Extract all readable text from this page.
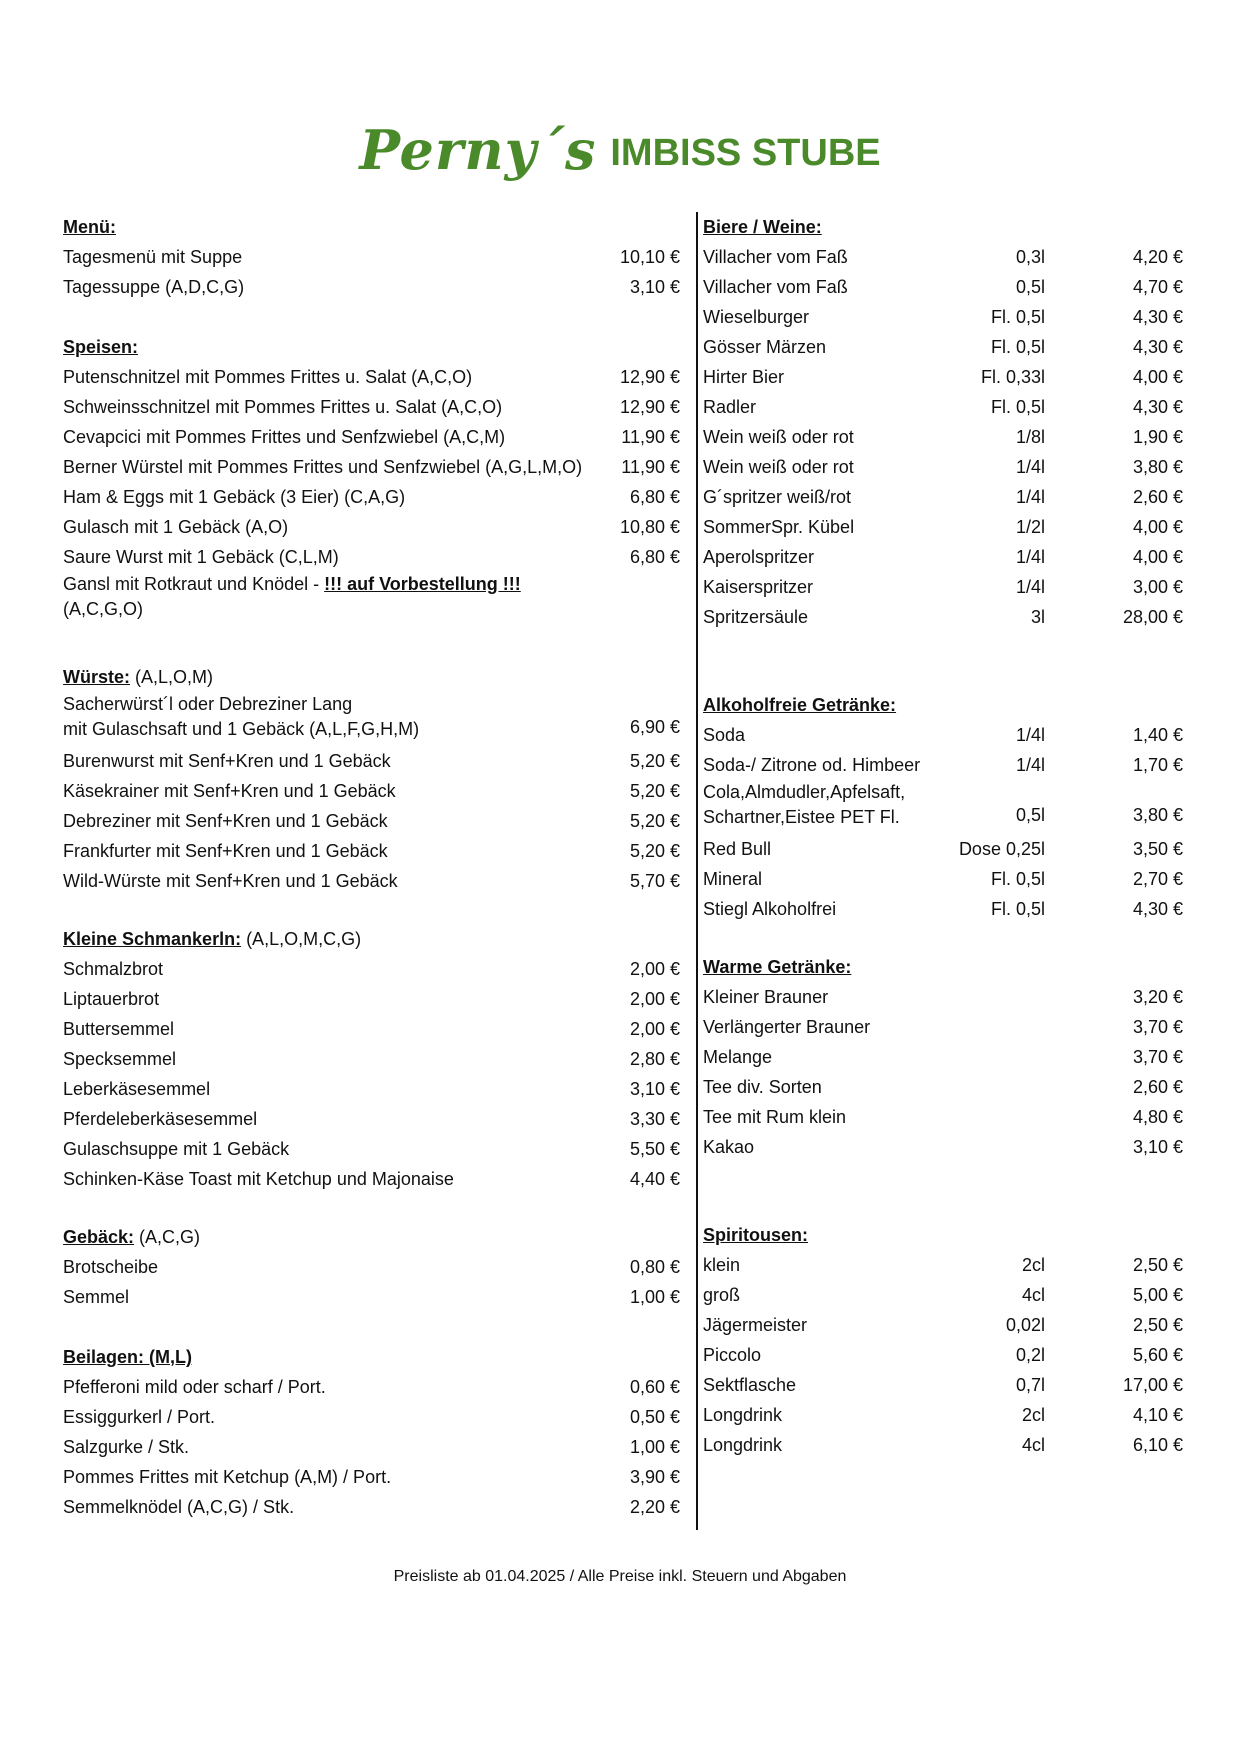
Perny´s IMBISS STUBE
Menü:
Tagesmenü mit Suppe	10,10 €
Tagessuppe (A,D,C,G)	3,10 €
Speisen:
Putenschnitzel mit Pommes Frittes u. Salat (A,C,O)	12,90 €
Schweinsschnitzel mit Pommes Frittes u. Salat (A,C,O)	12,90 €
Cevapcici mit Pommes Frittes und Senfzwiebel (A,C,M)	11,90 €
Berner Würstel mit Pommes Frittes und Senfzwiebel (A,G,L,M,O) 11,90 €
Ham & Eggs mit 1 Gebäck (3 Eier) (C,A,G)	6,80 €
Gulasch mit 1 Gebäck (A,O)	10,80 €
Saure Wurst mit 1 Gebäck (C,L,M)	6,80 €
Gansl mit Rotkraut und Knödel - !!! auf Vorbestellung !!!
(A,C,G,O)
Würste: (A,L,O,M)
Sacherwürst´l oder Debreziner Lang
mit Gulaschsaft und 1 Gebäck (A,L,F,G,H,M)	6,90 €
Burenwurst mit Senf+Kren und 1 Gebäck	5,20 €
Käsekrainer mit Senf+Kren und 1 Gebäck	5,20 €
Debreziner mit Senf+Kren und 1 Gebäck	5,20 €
Frankfurter mit Senf+Kren und 1 Gebäck	5,20 €
Wild-Würste mit Senf+Kren und 1 Gebäck	5,70 €
Kleine Schmankerln: (A,L,O,M,C,G)
Schmalzbrot	2,00 €
Liptauerbrot	2,00 €
Buttersemmel	2,00 €
Specksemmel	2,80 €
Leberkäsesemmel	3,10 €
Pferdeleberkäsesemmel	3,30 €
Gulaschsuppe mit 1 Gebäck	5,50 €
Schinken-Käse Toast mit Ketchup und Majonaise	4,40 €
Gebäck: (A,C,G)
Brotscheibe	0,80 €
Semmel	1,00 €
Beilagen: (M,L)
Pfefferoni mild oder scharf / Port.	0,60 €
Essiggurkerl / Port.	0,50 €
Salzgurke / Stk.	1,00 €
Pommes Frittes mit Ketchup (A,M) / Port.	3,90 €
Semmelknödel (A,C,G) / Stk.	2,20 €
Biere / Weine:
Villacher vom Faß	0,3l	4,20 €
Villacher vom Faß	0,5l	4,70 €
Wieselburger	Fl. 0,5l	4,30 €
Gösser Märzen	Fl. 0,5l	4,30 €
Hirter Bier	Fl. 0,33l	4,00 €
Radler	Fl. 0,5l	4,30 €
Wein weiß oder rot	1/8l	1,90 €
Wein weiß oder rot	1/4l	3,80 €
G´spritzer weiß/rot	1/4l	2,60 €
SommerSpr. Kübel	1/2l	4,00 €
Aperolspritzer	1/4l	4,00 €
Kaiserspritzer	1/4l	3,00 €
Spritzersäule	3l	28,00 €
Alkoholfreie Getränke:
Soda	1/4l	1,40 €
Soda-/ Zitrone od. Himbeer	1/4l	1,70 €
Cola,Almdudler,Apfelsaft,
Schartner,Eistee PET Fl.	0,5l	3,80 €
Red Bull	Dose 0,25l	3,50 €
Mineral	Fl. 0,5l	2,70 €
Stiegl Alkoholfrei	Fl. 0,5l	4,30 €
Warme Getränke:
Kleiner Brauner	3,20 €
Verlängerter Brauner	3,70 €
Melange	3,70 €
Tee div. Sorten	2,60 €
Tee mit Rum klein	4,80 €
Kakao	3,10 €
Spiritousen:
klein	2cl	2,50 €
groß	4cl	5,00 €
Jägermeister	0,02l	2,50 €
Piccolo	0,2l	5,60 €
Sektflasche	0,7l	17,00 €
Longdrink	2cl	4,10 €
Longdrink	4cl	6,10 €
Preisliste ab 01.04.2025 / Alle Preise inkl. Steuern und Abgaben
